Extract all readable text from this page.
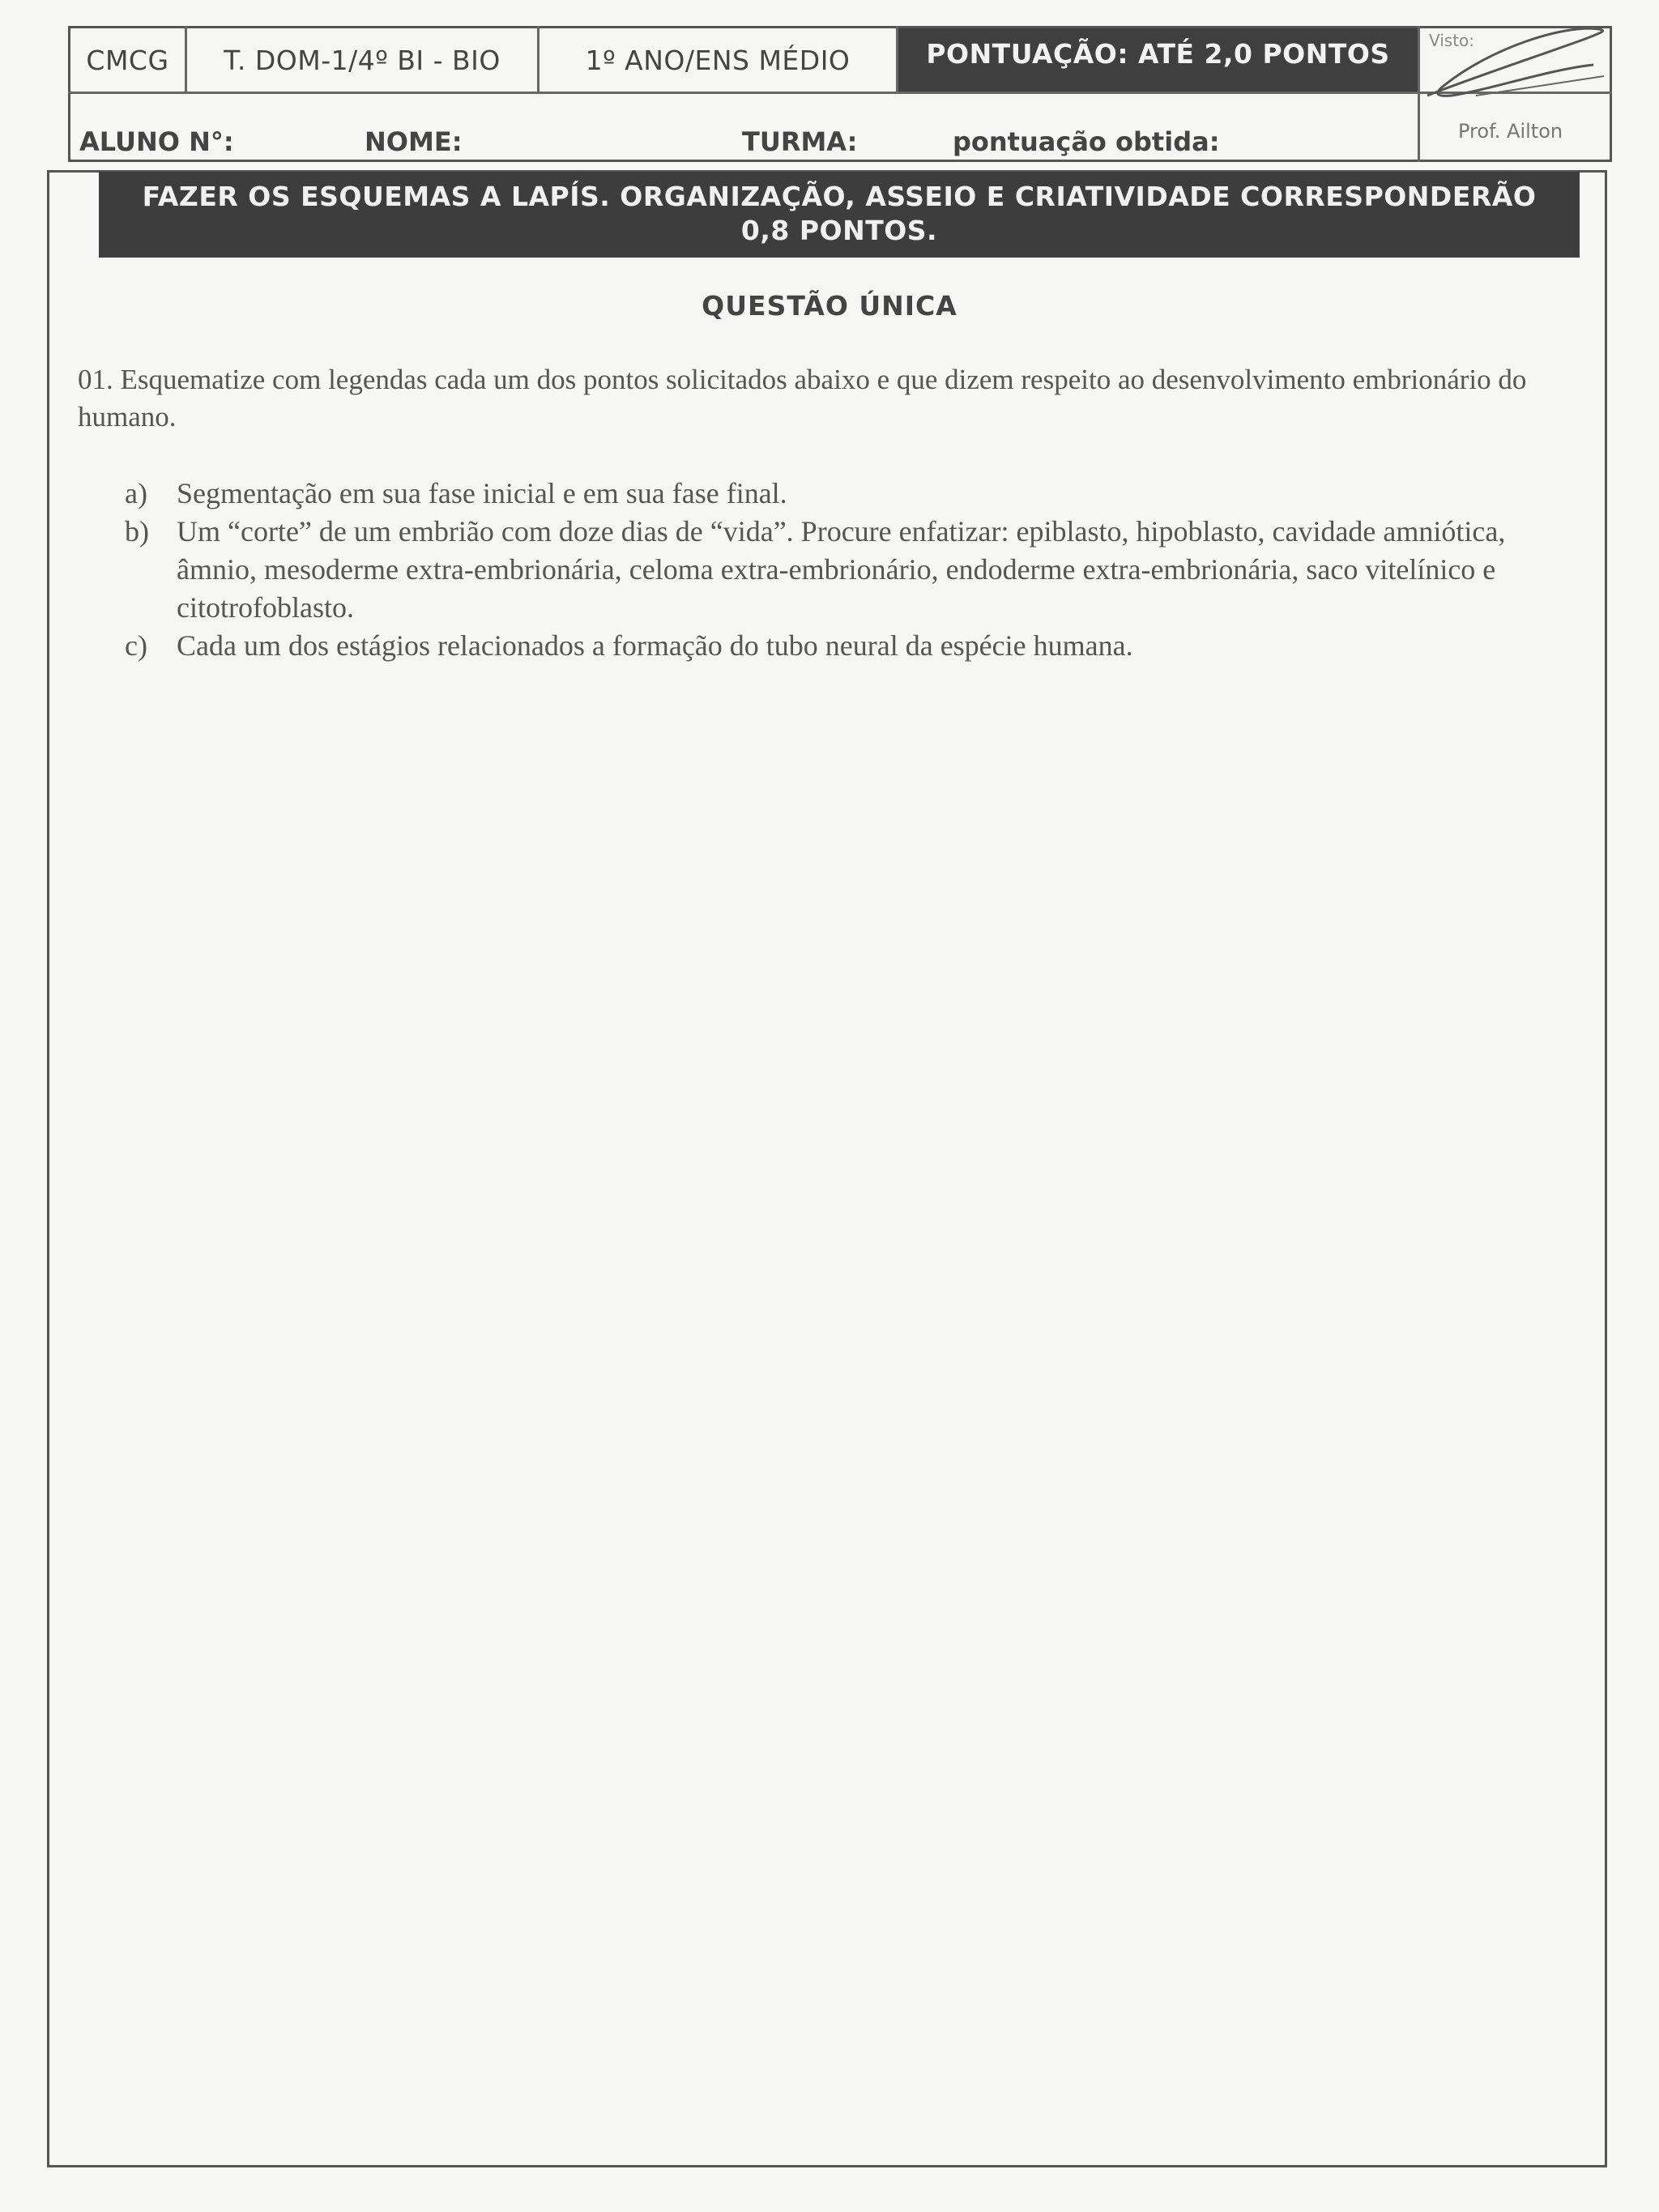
CMCG	T. DOM-1/4º BI - BIO	1º ANO/ENS MÉDIO	PONTUAÇÃO: ATÉ 2,0 PONTOS	Visto:
Prof. Ailton
ALUNO N°:	NOME:	TURMA:	pontuação obtida:
FAZER OS ESQUEMAS A LAPÍS. ORGANIZAÇÃO, ASSEIO E CRIATIVIDADE CORRESPONDERÃO
0,8 PONTOS.
QUESTÃO ÚNICA
01. Esquematize com legendas cada um dos pontos solicitados abaixo e que dizem respeito ao desenvolvimento embrionário do humano.
a)	Segmentação em sua fase inicial e em sua fase final.
b) Um “corte” de um embrião com doze dias de “vida”. Procure enfatizar: epiblasto, hipoblasto, cavidade amniótica, âmnio, mesoderme extra-embrionária, celoma extra-embrionário, endoderme extra-embrionária, saco vitelínico e citotrofoblasto.
c)	Cada um dos estágios relacionados a formação do tubo neural da espécie humana.
